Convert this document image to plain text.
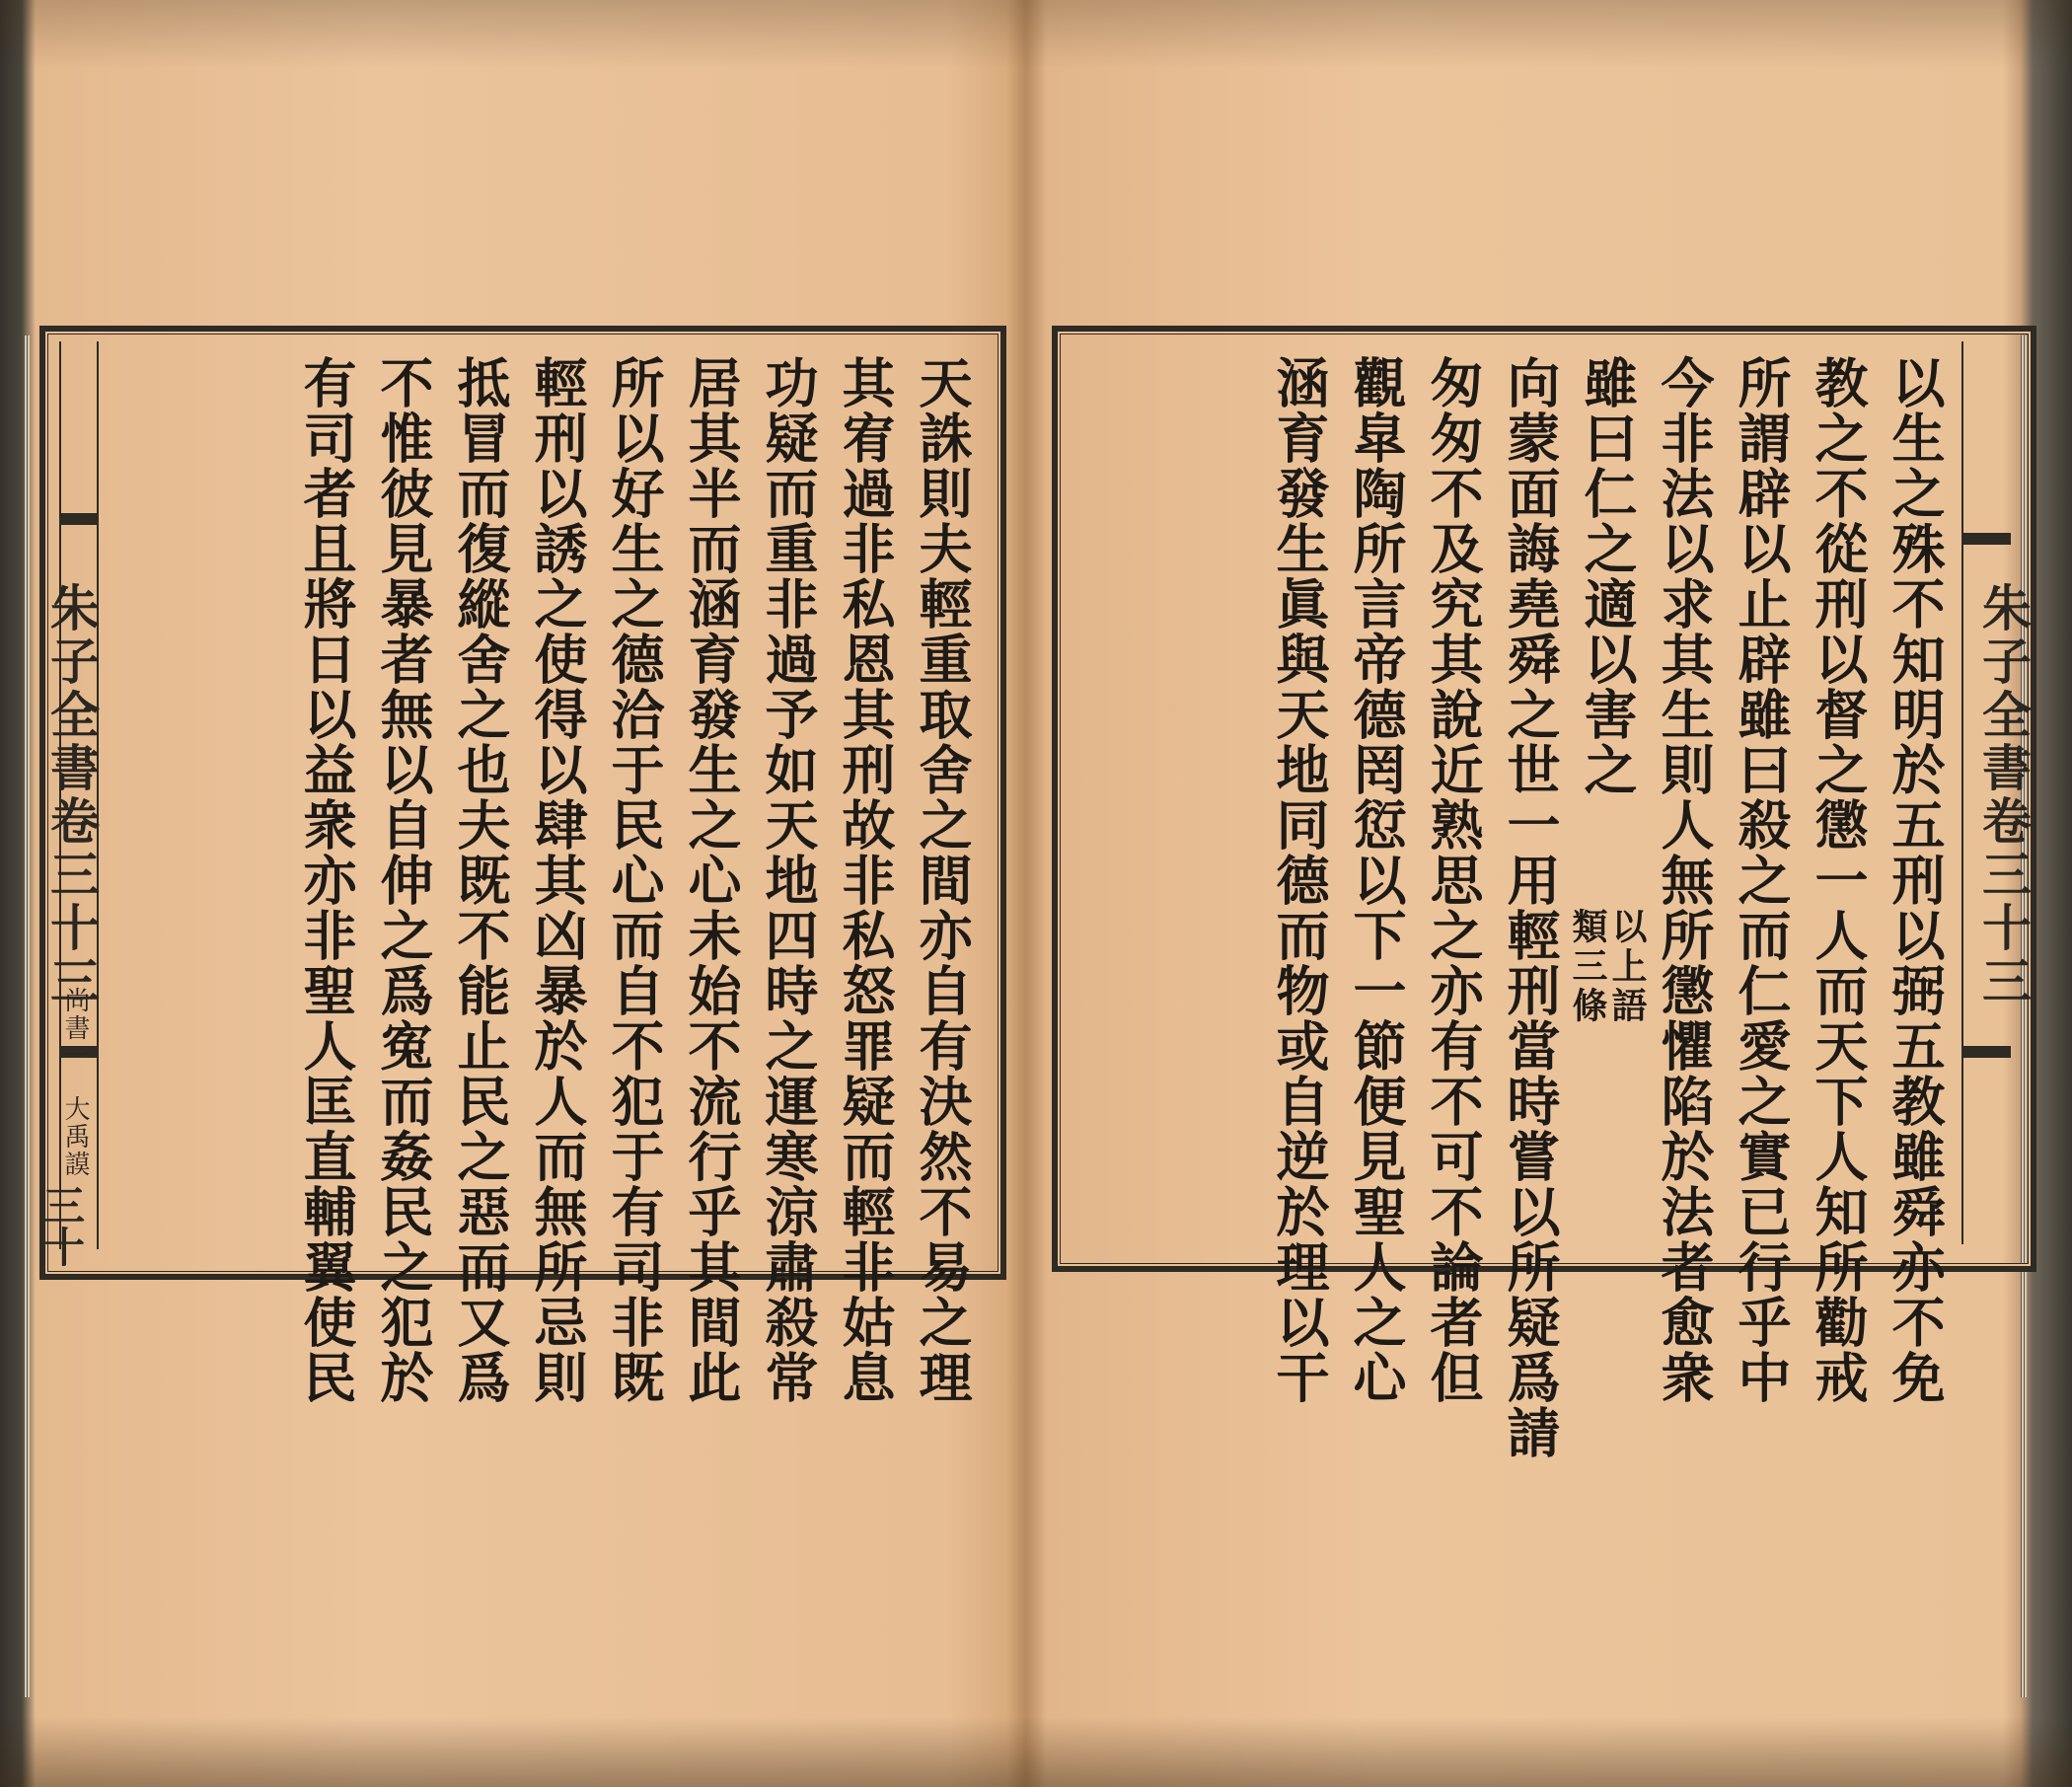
朱子全書卷三十三
尚書一
大禹謨
三十	天誅則夫輕重取舍之間亦自有決然不易之理
其宥過非私恩其刑故非私怒罪疑而輕非姑息
功疑而重非過予如天地四時之運寒涼肅殺常
居其半而涵育發生之心未始不流行乎其間此
所以好生之德洽于民心而自不犯于有司非既
輕刑以誘之使得以肆其凶暴於人而無所忌則
抵冒而復縱舍之也夫既不能止民之惡而又爲
不惟彼見暴者無以自伸之爲寃而姦民之犯於
有司者且將日以益衆亦非聖人匡直輔翼使民	朱子全書卷三十三
以生之殊不知明於五刑以弼五教雖舜亦不免
教之不從刑以督之懲一人而天下人知所勸戒
所謂辟以止辟雖曰殺之而仁愛之實已行乎中
今非法以求其生則人無所懲懼陷於法者愈衆
雖曰仁之適以害之
以上語
類三條
向蒙面誨堯舜之世一用輕刑當時嘗以所疑爲請
匆匆不及究其說近熟思之亦有不可不論者但
觀皐陶所言帝德罔愆以下一節便見聖人之心
涵育發生眞與天地同德而物或自逆於理以干
